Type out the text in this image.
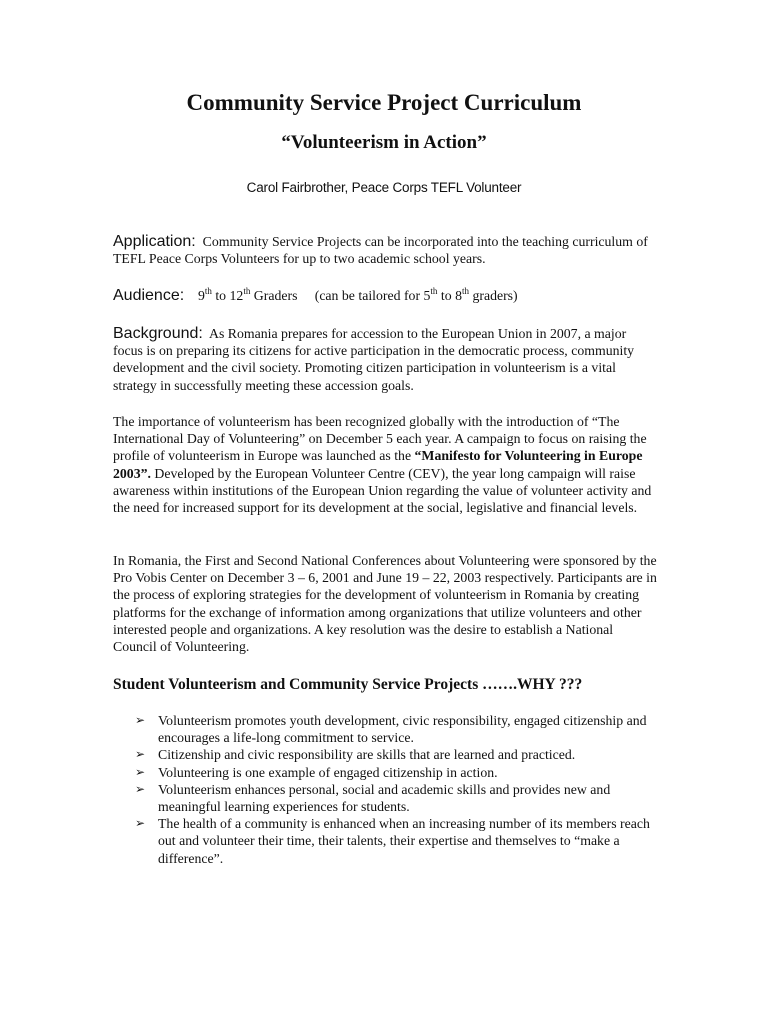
Community Service Project Curriculum
“Volunteerism in Action”

Carol Fairbrother, Peace Corps TEFL Volunteer

Application: Community Service Projects can be incorporated into the teaching curriculum of TEFL Peace Corps Volunteers for up to two academic school years.

Audience: 9th to 12th Graders (can be tailored for 5th to 8th graders)

Background: As Romania prepares for accession to the European Union in 2007, a major focus is on preparing its citizens for active participation in the democratic process, community development and the civil society. Promoting citizen participation in volunteerism is a vital strategy in successfully meeting these accession goals.

The importance of volunteerism has been recognized globally with the introduction of “The International Day of Volunteering” on December 5 each year. A campaign to focus on raising the profile of volunteerism in Europe was launched as the “Manifesto for Volunteering in Europe 2003”. Developed by the European Volunteer Centre (CEV), the year long campaign will raise awareness within institutions of the European Union regarding the value of volunteer activity and the need for increased support for its development at the social, legislative and financial levels.

In Romania, the First and Second National Conferences about Volunteering were sponsored by the Pro Vobis Center on December 3 – 6, 2001 and June 19 – 22, 2003 respectively. Participants are in the process of exploring strategies for the development of volunteerism in Romania by creating platforms for the exchange of information among organizations that utilize volunteers and other interested people and organizations. A key resolution was the desire to establish a National Council of Volunteering.

Student Volunteerism and Community Service Projects …….WHY ???
➢ Volunteerism promotes youth development, civic responsibility, engaged citizenship and encourages a life-long commitment to service.
➢ Citizenship and civic responsibility are skills that are learned and practiced.
➢ Volunteering is one example of engaged citizenship in action.
➢ Volunteerism enhances personal, social and academic skills and provides new and meaningful learning experiences for students.
➢ The health of a community is enhanced when an increasing number of its members reach out and volunteer their time, their talents, their expertise and themselves to “make a difference”.
